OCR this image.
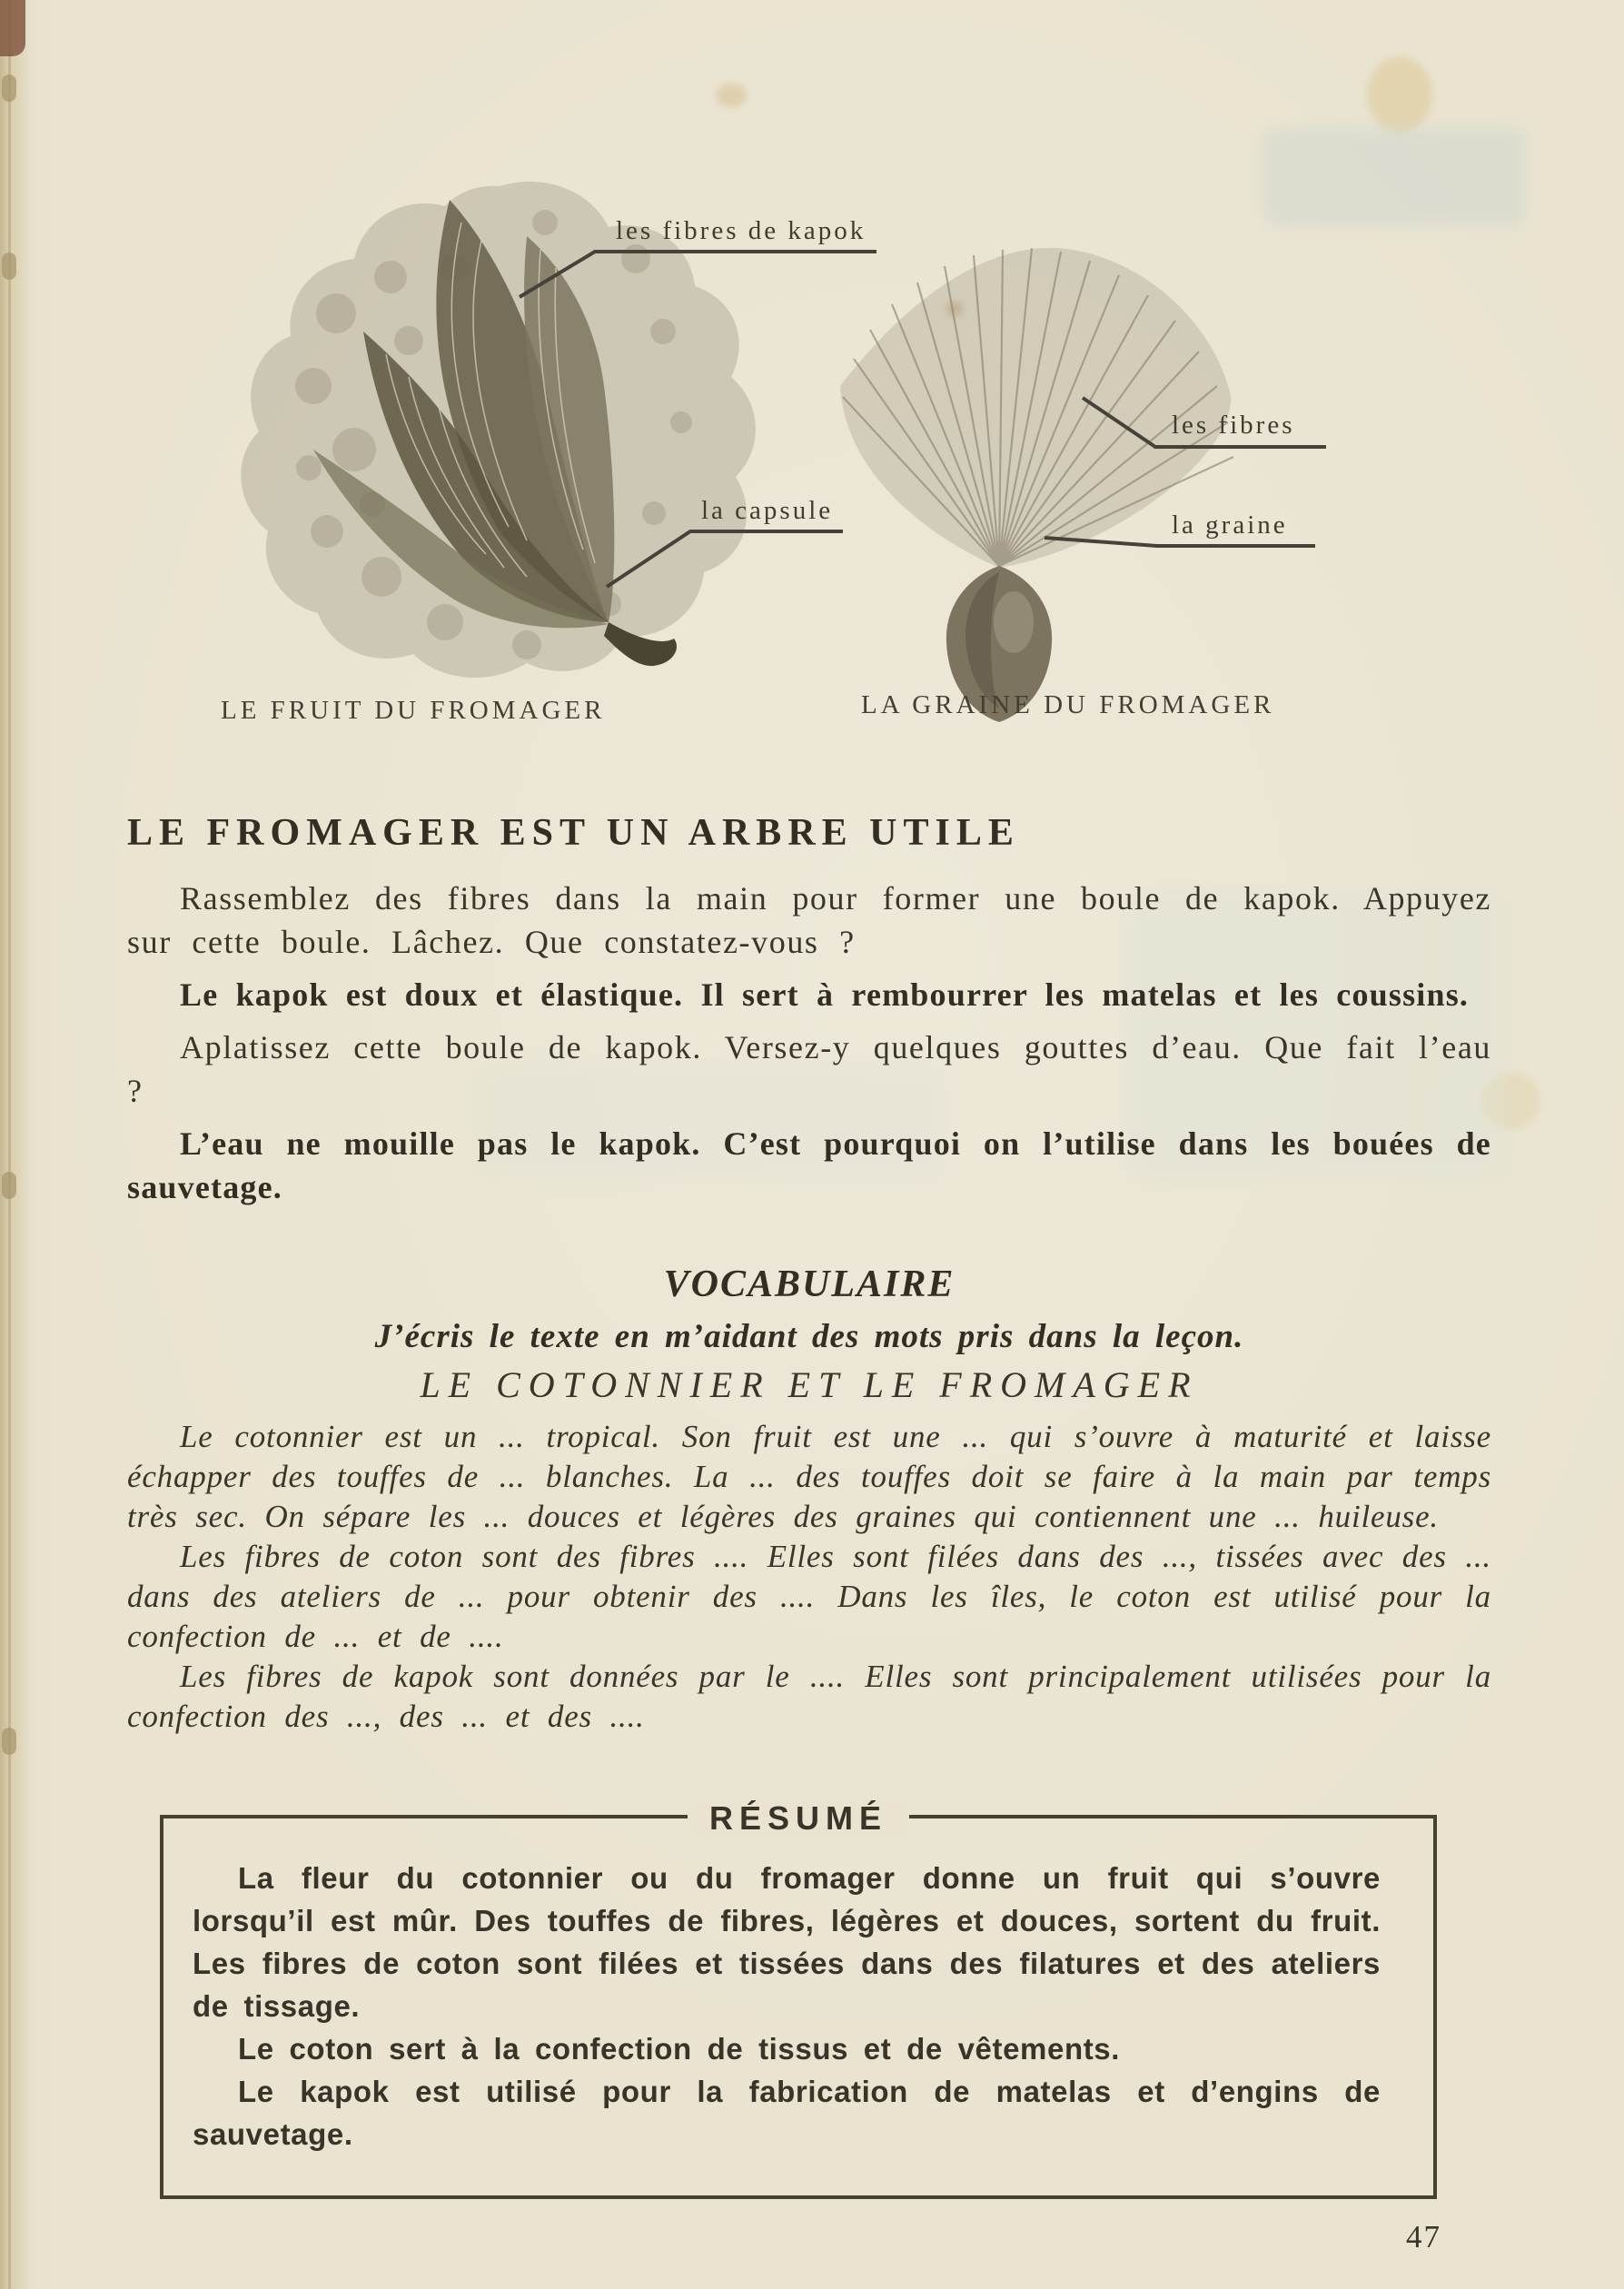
les fibres de kapok
la capsule
les fibres
la graine
LE FRUIT DU FROMAGER	LA GRAINE DU FROMAGER
LE FROMAGER EST UN ARBRE UTILE

Rassemblez des fibres dans la main pour former une boule de kapok. Appuyez sur cette boule. Lâchez. Que constatez-vous ?

Le kapok est doux et élastique. Il sert à rembourrer les matelas et les coussins.

Aplatissez cette boule de kapok. Versez-y quelques gouttes d’eau. Que fait l’eau ?

L’eau ne mouille pas le kapok. C’est pourquoi on l’utilise dans les bouées de sauvetage.

VOCABULAIRE

J’écris le texte en m’aidant des mots pris dans la leçon.

LE COTONNIER ET LE FROMAGER

Le cotonnier est un ... tropical. Son fruit est une ... qui s’ouvre à maturité et laisse échapper des touffes de ... blanches. La ... des touffes doit se faire à la main par temps très sec. On sépare les ... douces et légères des graines qui contiennent une ... huileuse.

Les fibres de coton sont des fibres .... Elles sont filées dans des ..., tissées avec des ... dans des ateliers de ... pour obtenir des .... Dans les îles, le coton est utilisé pour la confection de ... et de ....

Les fibres de kapok sont données par le .... Elles sont principalement utilisées pour la confection des ..., des ... et des ....

RÉSUMÉ

La fleur du cotonnier ou du fromager donne un fruit qui s’ouvre lorsqu’il est mûr. Des touffes de fibres, légères et douces, sortent du fruit. Les fibres de coton sont filées et tissées dans des filatures et des ateliers de tissage.

Le coton sert à la confection de tissus et de vêtements.

Le kapok est utilisé pour la fabrication de matelas et d’engins de sauvetage.

47
